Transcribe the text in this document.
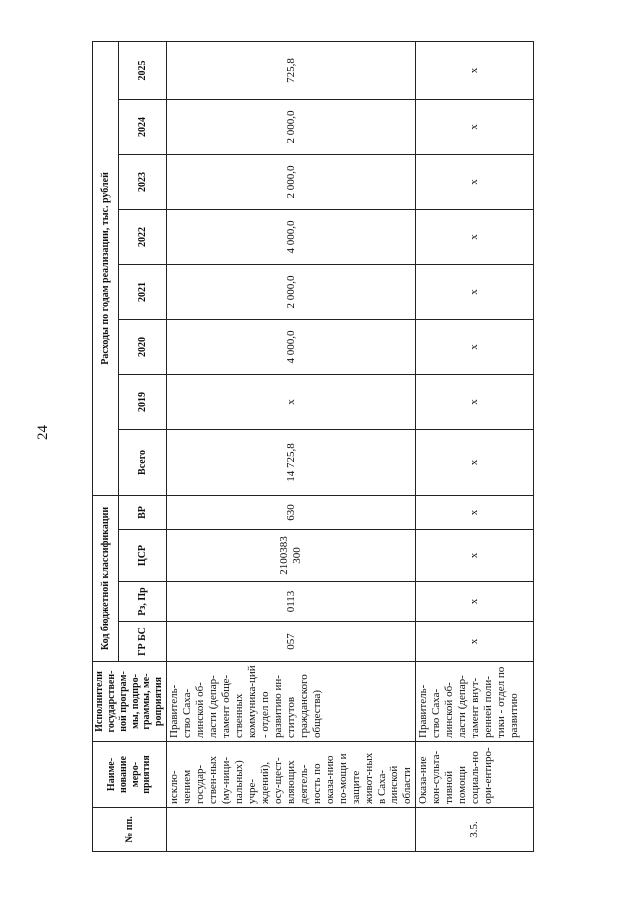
24
№ пп.	Наиме-нование меро-приятия	Исполнители государствен-ной програм-мы, подпро-граммы, ме-роприятия	Код бюджетной классификации				Расходы по годам реализации, тыс. рублей							
			ГР БС	Рз, Пр	ЦСР	ВР	Всего	2019	2020	2021	2022	2023	2024	2025
	исклю-чением государ-ствен-ных (му-ници-пальных) учре-ждений), осу-щест-вляющих деятель-ность по оказа-нию по-мощи и защите живот-ных в Саха-линской области	Правитель-ство Саха-линской об-ласти (депар-тамент обще-ственных коммуника-ций - отдел по развитию ин-ститутов гражданского общества)	057	0113	2100383 300	630	14 725,8	x	4 000,0	2 000,0	4 000,0	2 000,0	2 000,0	725,8
3.5.	Оказа-ние кон-сульта-тивной помощи социаль-но ори-ентиро-	Правитель-ство Саха-линской об-ласти (депар-тамент внут-ренней поли-тики - отдел по развитию	x	x	x	x	x	x	x	x	x	x	x	x
